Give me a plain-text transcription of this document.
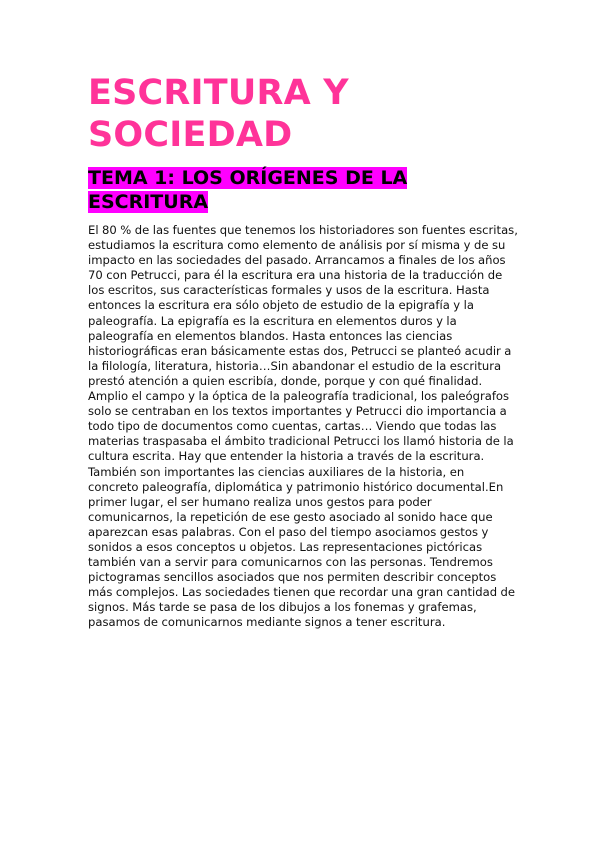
ESCRITURA Y SOCIEDAD
TEMA 1: LOS ORÍGENES DE LA ESCRITURA

El 80 % de las fuentes que tenemos los historiadores son fuentes escritas, estudiamos la escritura como elemento de análisis por sí misma y de su impacto en las sociedades del pasado. Arrancamos a finales de los años 70 con Petrucci, para él la escritura era una historia de la traducción de los escritos, sus características formales y usos de la escritura. Hasta entonces la escritura era sólo objeto de estudio de la epigrafía y la paleografía. La epigrafía es la escritura en elementos duros y la paleografía en elementos blandos. Hasta entonces las ciencias historiográficas eran básicamente estas dos, Petrucci se planteó acudir a la filología, literatura, historia…Sin abandonar el estudio de la escritura prestó atención a quien escribía, donde, porque y con qué finalidad. Amplio el campo y la óptica de la paleografía tradicional, los paleógrafos solo se centraban en los textos importantes y Petrucci dio importancia a todo tipo de documentos como cuentas, cartas… Viendo que todas las materias traspasaba el ámbito tradicional Petrucci los llamó historia de la cultura escrita. Hay que entender la historia a través de la escritura. También son importantes las ciencias auxiliares de la historia, en concreto paleografía, diplomática y patrimonio histórico documental.En primer lugar, el ser humano realiza unos gestos para poder comunicarnos, la repetición de ese gesto asociado al sonido hace que aparezcan esas palabras. Con el paso del tiempo asociamos gestos y sonidos a esos conceptos u objetos. Las representaciones pictóricas también van a servir para comunicarnos con las personas. Tendremos pictogramas sencillos asociados que nos permiten describir conceptos más complejos. Las sociedades tienen que recordar una gran cantidad de signos. Más tarde se pasa de los dibujos a los fonemas y grafemas, pasamos de comunicarnos mediante signos a tener escritura.
